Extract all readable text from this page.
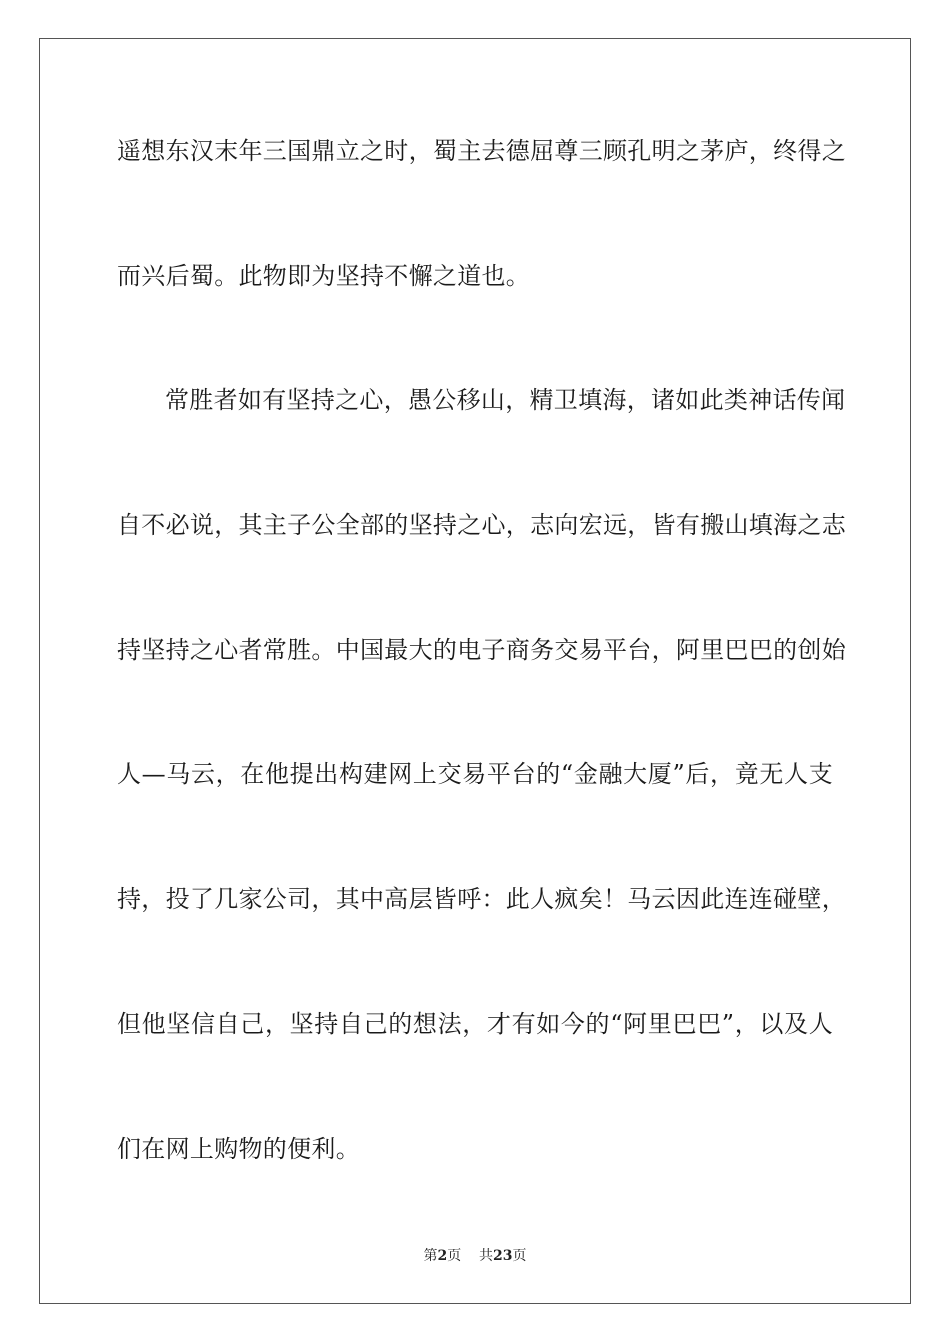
遥想东汉末年三国鼎立之时，蜀主去德屈尊三顾孔明之茅庐，终得之
而兴后蜀。此物即为坚持不懈之道也。
常胜者如有坚持之心，愚公移山，精卫填海，诸如此类神话传闻
自不必说，其主子公全部的坚持之心，志向宏远，皆有搬山填海之志
持坚持之心者常胜。中国最大的电子商务交易平台，阿里巴巴的创始
人—马云，在他提出构建网上交易平台的“金融大厦”后，竟无人支
持，投了几家公司，其中高层皆呼：此人疯矣！马云因此连连碰壁，
但他坚信自己，坚持自己的想法，才有如今的“阿里巴巴”，以及人
们在网上购物的便利。
第2页 共23页
